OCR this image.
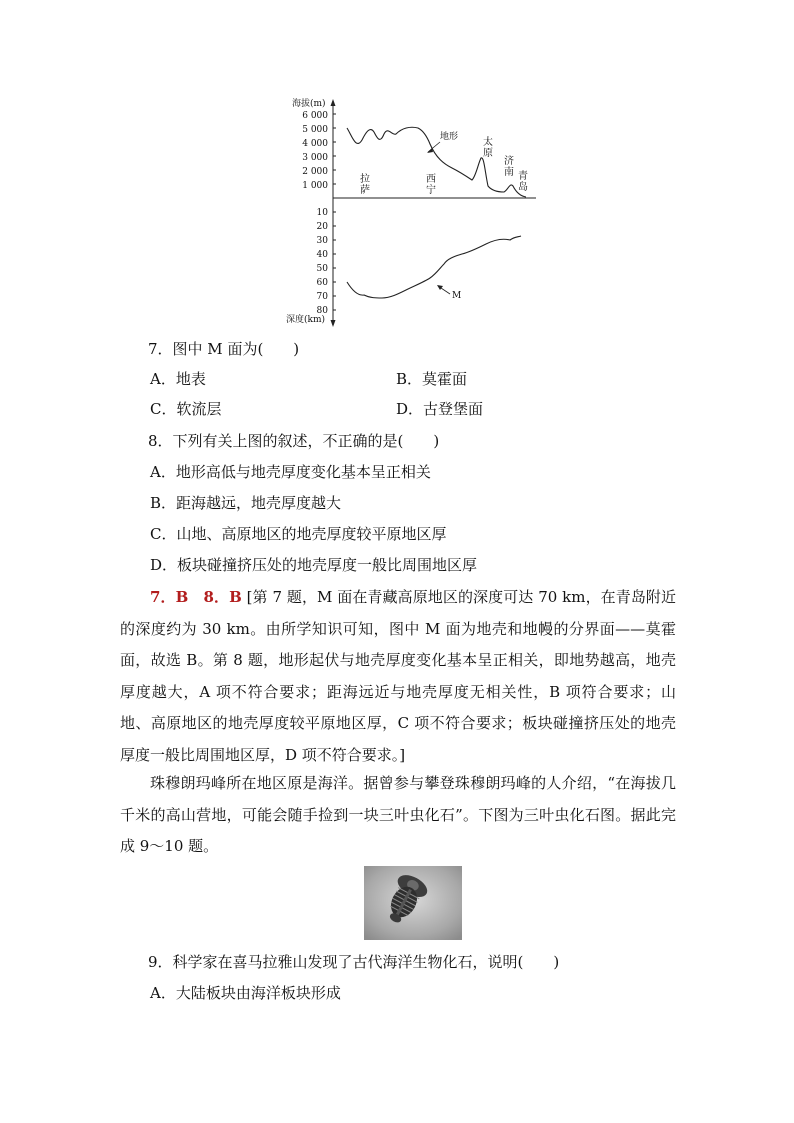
海拔(m)
深度(km)
6 000
5 000
4 000
3 000
2 000
1 000
10
20
30
40
50
60
70
80
地形
M
拉
萨
西
宁
太
原
济
南 青
岛
7．图中 M 面为(　　)
A．地表	B．莫霍面
C．软流层	D．古登堡面
8．下列有关上图的叙述，不正确的是(　　)
A．地形高低与地壳厚度变化基本呈正相关
B．距海越远，地壳厚度越大
C．山地、高原地区的地壳厚度较平原地区厚
D．板块碰撞挤压处的地壳厚度一般比周围地区厚
7．B　8．B [第 7 题，M 面在青藏高原地区的深度可达 70 km，在青岛附近的深度约为 30 km。由所学知识可知，图中 M 面为地壳和地幔的分界面——莫霍面，故选 B。第 8 题，地形起伏与地壳厚度变化基本呈正相关，即地势越高，地壳厚度越大，A 项不符合要求；距海远近与地壳厚度无相关性，B 项符合要求；山地、高原地区的地壳厚度较平原地区厚，C 项不符合要求；板块碰撞挤压处的地壳厚度一般比周围地区厚，D 项不符合要求。]
珠穆朗玛峰所在地区原是海洋。据曾参与攀登珠穆朗玛峰的人介绍，“在海拔几千米的高山营地，可能会随手捡到一块三叶虫化石”。下图为三叶虫化石图。据此完成 9～10 题。
9．科学家在喜马拉雅山发现了古代海洋生物化石，说明(　　)
A．大陆板块由海洋板块形成
